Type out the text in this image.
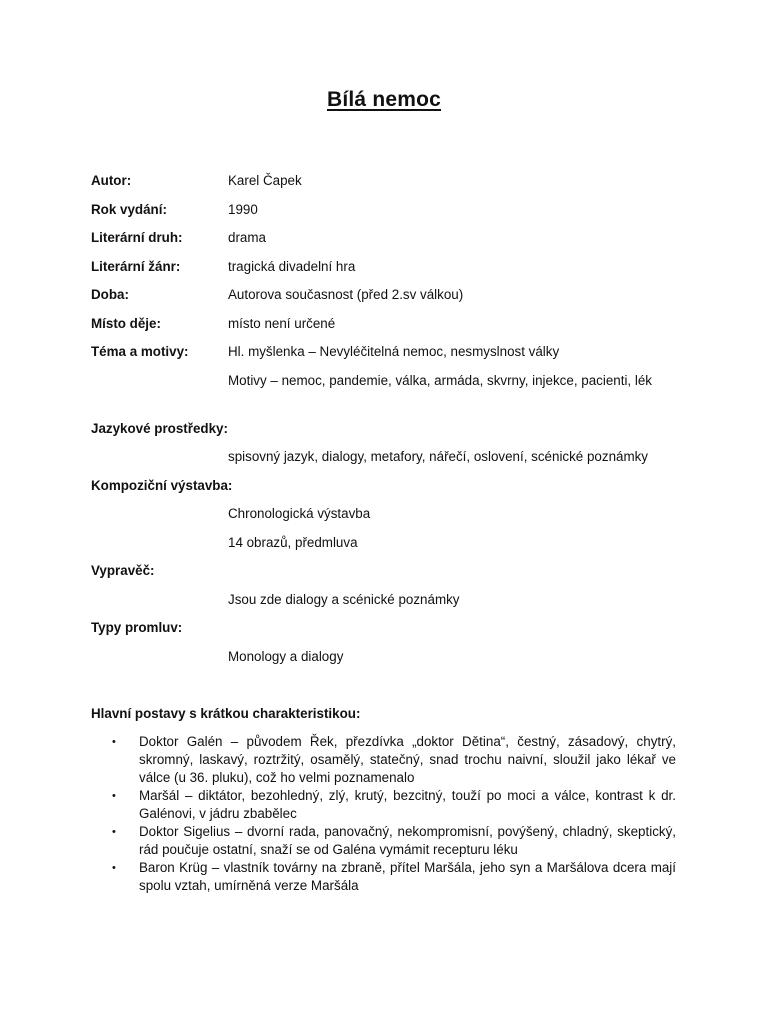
Bílá nemoc
Autor:	Karel Čapek
Rok vydání:	1990
Literární druh:	drama
Literární žánr:	tragická divadelní hra
Doba:	Autorova současnost (před 2.sv válkou)
Místo děje:	místo není určené
Téma a motivy:	Hl. myšlenka – Nevyléčitelná nemoc, nesmyslnost války
Motivy – nemoc, pandemie, válka, armáda, skvrny, injekce, pacienti, lék
Jazykové prostředky:
spisovný jazyk, dialogy, metafory, nářečí, oslovení, scénické poznámky
Kompoziční výstavba:
Chronologická výstavba
14 obrazů, předmluva
Vypravěč:
Jsou zde dialogy a scénické poznámky
Typy promluv:
Monology a dialogy
Hlavní postavy s krátkou charakteristikou:
• Doktor Galén – původem Řek, přezdívka „doktor Dětina“, čestný, zásadový, chytrý, skromný, laskavý, roztržitý, osamělý, statečný, snad trochu naivní, sloužil jako lékař ve válce (u 36. pluku), což ho velmi poznamenalo
• Maršál – diktátor, bezohledný, zlý, krutý, bezcitný, touží po moci a válce, kontrast k dr. Galénovi, v jádru zbabělec
• Doktor Sigelius – dvorní rada, panovačný, nekompromisní, povýšený, chladný, skeptický, rád poučuje ostatní, snaží se od Galéna vymámit recepturu léku
• Baron Krüg – vlastník továrny na zbraně, přítel Maršála, jeho syn a Maršálova dcera mají spolu vztah, umírněná verze Maršála
